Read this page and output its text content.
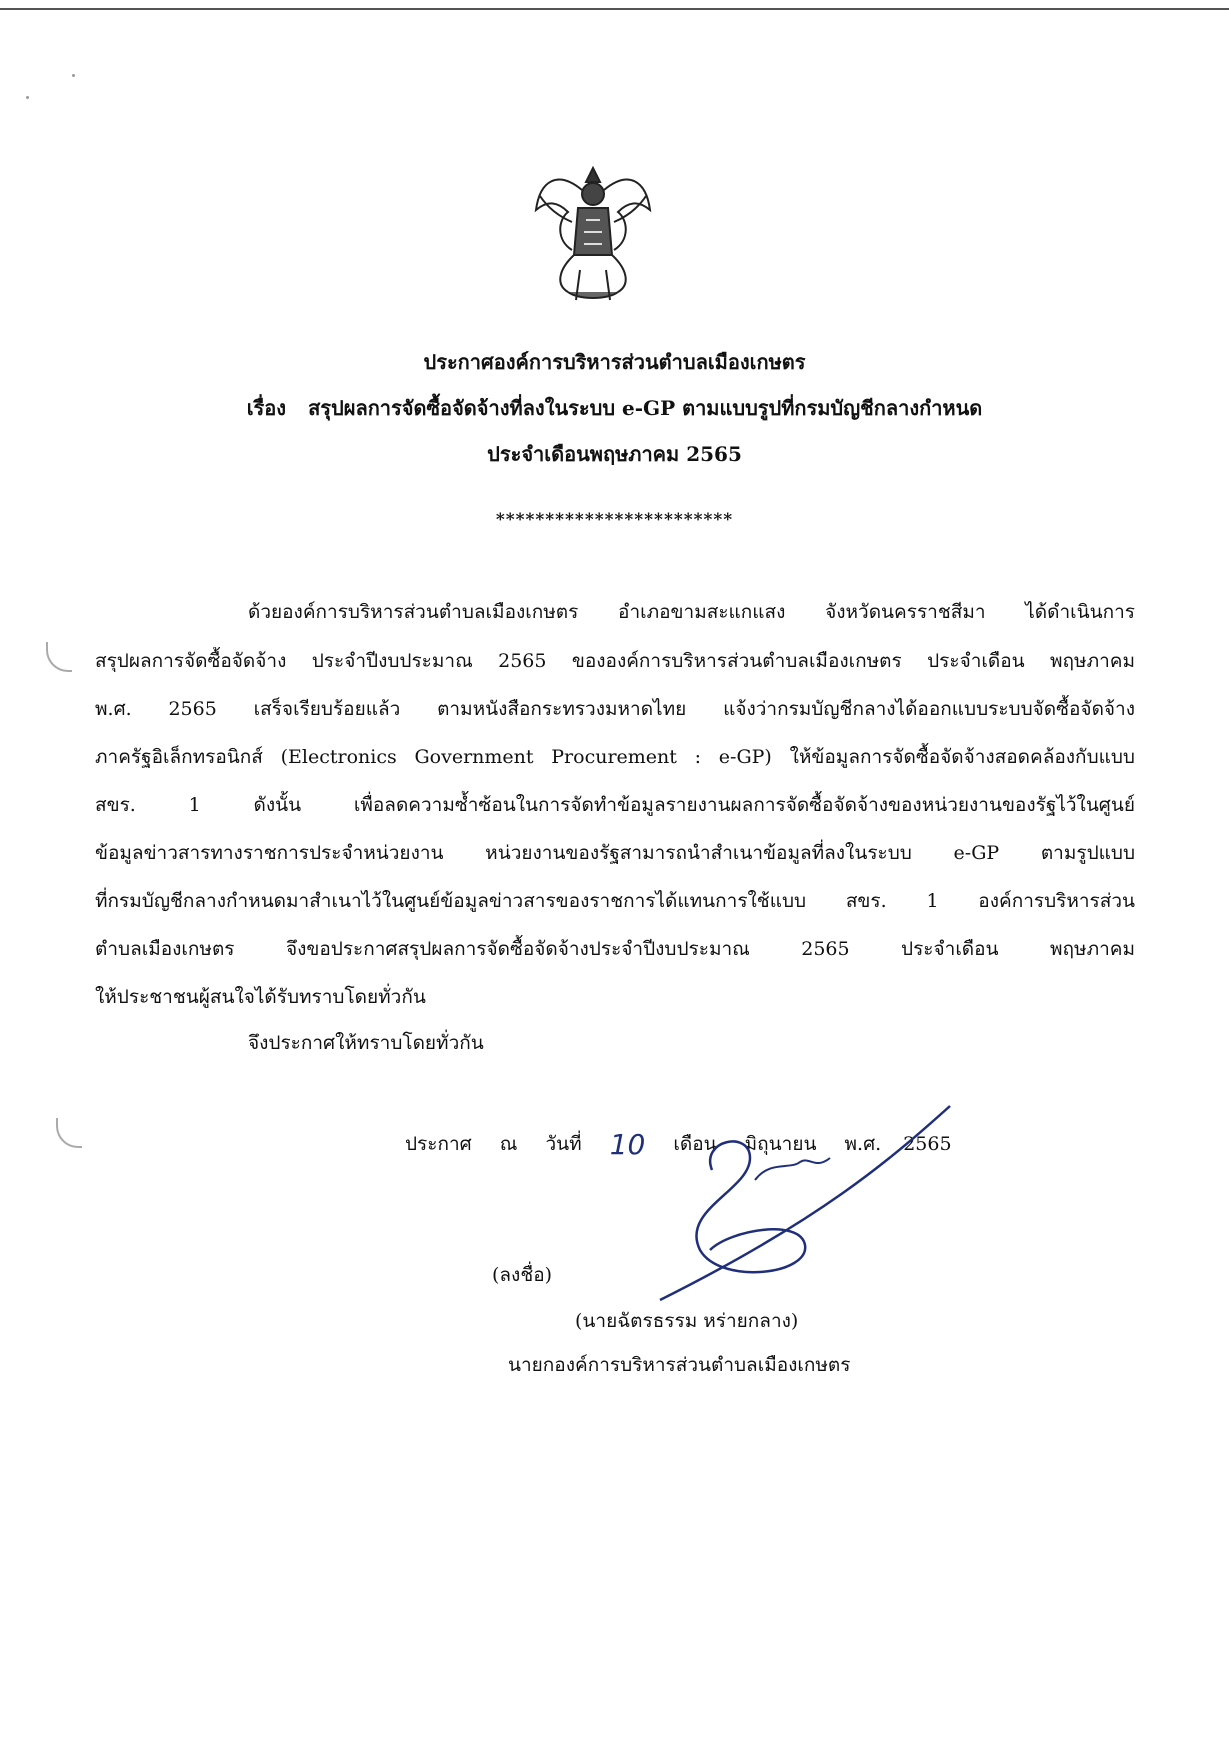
ประกาศองค์การบริหารส่วนตำบลเมืองเกษตร
เรื่อง สรุปผลการจัดซื้อจัดจ้างที่ลงในระบบ e-GP ตามแบบรูปที่กรมบัญชีกลางกำหนด
ประจำเดือนพฤษภาคม 2565
************************
ด้วยองค์การบริหารส่วนตำบลเมืองเกษตร อำเภอขามสะแกแสง จังหวัดนครราชสีมา ได้ดำเนินการ
สรุปผลการจัดซื้อจัดจ้าง ประจำปีงบประมาณ 2565 ขององค์การบริหารส่วนตำบลเมืองเกษตร ประจำเดือน พฤษภาคม
พ.ศ. 2565 เสร็จเรียบร้อยแล้ว ตามหนังสือกระทรวงมหาดไทย แจ้งว่ากรมบัญชีกลางได้ออกแบบระบบจัดซื้อจัดจ้าง
ภาครัฐอิเล็กทรอนิกส์ (Electronics Government Procurement : e-GP) ให้ข้อมูลการจัดซื้อจัดจ้างสอดคล้องกับแบบ
สขร. 1 ดังนั้น เพื่อลดความซ้ำซ้อนในการจัดทำข้อมูลรายงานผลการจัดซื้อจัดจ้างของหน่วยงานของรัฐไว้ในศูนย์
ข้อมูลข่าวสารทางราชการประจำหน่วยงาน หน่วยงานของรัฐสามารถนำสำเนาข้อมูลที่ลงในระบบ e-GP ตามรูปแบบ
ที่กรมบัญชีกลางกำหนดมาสำเนาไว้ในศูนย์ข้อมูลข่าวสารของราชการได้แทนการใช้แบบ สขร. 1 องค์การบริหารส่วน
ตำบลเมืองเกษตร จึงขอประกาศสรุปผลการจัดซื้อจัดจ้างประจำปีงบประมาณ 2565 ประจำเดือน พฤษภาคม
ให้ประชาชนผู้สนใจได้รับทราบโดยทั่วกัน
จึงประกาศให้ทราบโดยทั่วกัน
ประกาศ ณ วันที่ 10 เดือน มิถุนายน พ.ศ. 2565
(ลงชื่อ)
(นายฉัตรธรรม หร่ายกลาง)
นายกองค์การบริหารส่วนตำบลเมืองเกษตร
